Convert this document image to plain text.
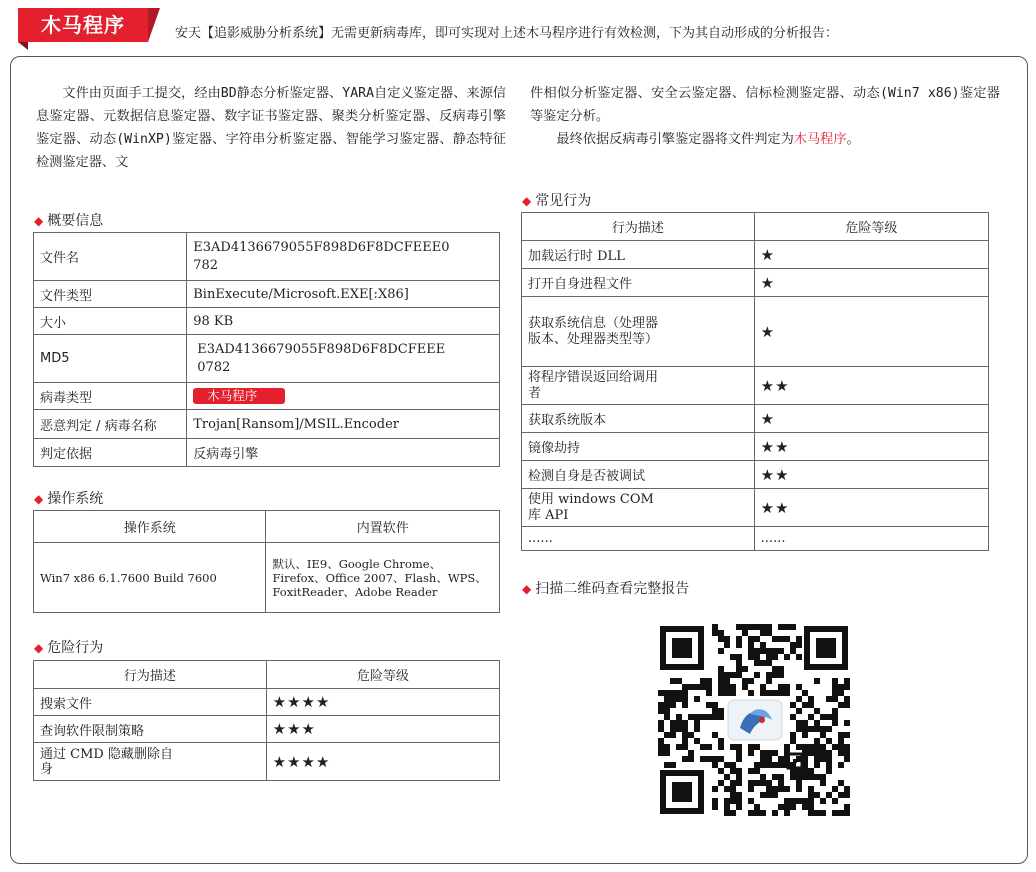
木马程序	安天【追影威胁分析系统】无需更新病毒库，即可实现对上述木马程序进行有效检测，下为其自动形成的分析报告：
文件由页面手工提交，经由BD静态分析鉴定器、YARA自定义鉴定器、来源信息鉴定器、元数据信息鉴定器、数字证书鉴定器、聚类分析鉴定器、反病毒引擎鉴定器、动态(WinXP)鉴定器、字符串分析鉴定器、智能学习鉴定器、静态特征检测鉴定器、文
件相似分析鉴定器、安全云鉴定器、信标检测鉴定器、动态(Win7 x86)鉴定器等鉴定分析。
最终依据反病毒引擎鉴定器将文件判定为木马程序。
◆ 概要信息
文件名	E3AD4136679055F898D6F8DCFEEE0782

文件类型	BinExecute/Microsoft.EXE[:X86]
大小	98 KB
MD5	E3AD4136679055F898D6F8DCFEEE0782

病毒类型	木马程序
恶意判定 / 病毒名称	Trojan[Ransom]/MSIL.Encoder
判定依据	反病毒引擎
◆ 操作系统
操作系统	内置软件
Win7 x86 6.1.7600 Build 7600	默认、IE9、Google Chrome、Firefox、Office 2007、Flash、WPS、FoxitReader、Adobe Reader
◆ 危险行为
行为描述	危险等级
搜索文件	★★★★
查询软件限制策略	★★★

通过 CMD 隐藏删除自身	★★★★
◆ 常见行为
行为描述	危险等级
加载运行时 DLL	★
打开自身进程文件	★

获取系统信息（处理器版本、处理器类型等）	★

将程序错误返回给调用者	★★
获取系统版本	★
镜像劫持	★★
检测自身是否被调试	★★

使用 windows COM 库 API	★★
......	......
◆ 扫描二维码查看完整报告
